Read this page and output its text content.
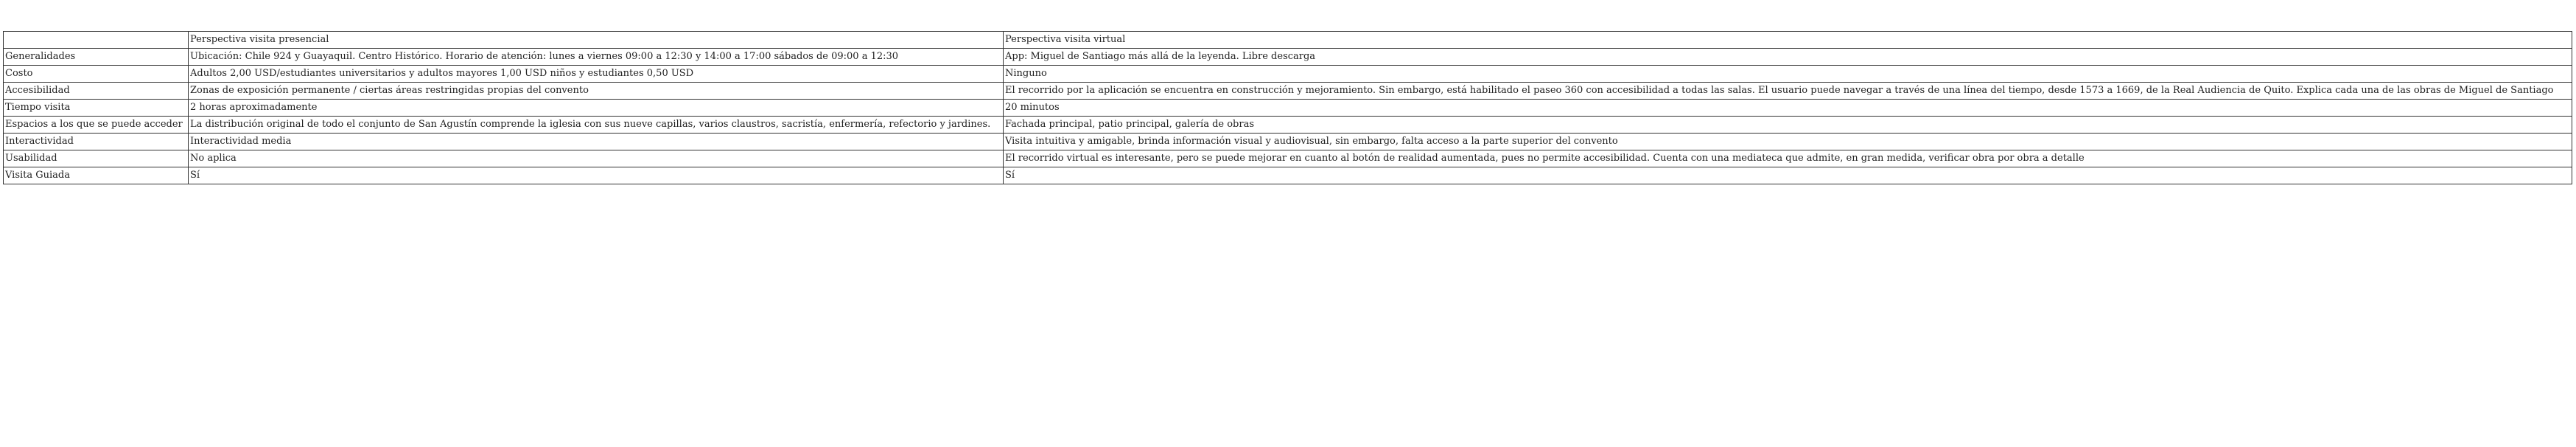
	Perspectiva visita presencial	Perspectiva visita virtual
Generalidades	Ubicación: Chile 924 y Guayaquil. Centro Histórico. Horario de atención: lunes a viernes 09:00 a 12:30 y 14:00 a 17:00 sábados de 09:00 a 12:30	App: Miguel de Santiago más allá de la leyenda. Libre descarga
Costo	Adultos 2,00 USD/estudiantes universitarios y adultos mayores 1,00 USD niños y estudiantes 0,50 USD	Ninguno
Accesibilidad	Zonas de exposición permanente / ciertas áreas restringidas propias del convento	El recorrido por la aplicación se encuentra en construcción y mejoramiento. Sin embargo, está habilitado el paseo 360 con accesibilidad a todas las salas. El usuario puede navegar a través de una línea del tiempo, desde 1573 a 1669, de la Real Audiencia de Quito. Explica cada una de las obras de Miguel de Santiago
Tiempo visita	2 horas aproximadamente	20 minutos
Espacios a los que se puede acceder	La distribución original de todo el conjunto de San Agustín comprende la iglesia con sus nueve capillas, varios claustros, sacristía, enfermería, refectorio y jardines.	Fachada principal, patio principal, galería de obras
Interactividad	Interactividad media	Visita intuitiva y amigable, brinda información visual y audiovisual, sin embargo, falta acceso a la parte superior del convento
Usabilidad	No aplica	El recorrido virtual es interesante, pero se puede mejorar en cuanto al botón de realidad aumentada, pues no permite accesibilidad. Cuenta con una mediateca que admite, en gran medida, verificar obra por obra a detalle
Visita Guiada	Sí	Sí
